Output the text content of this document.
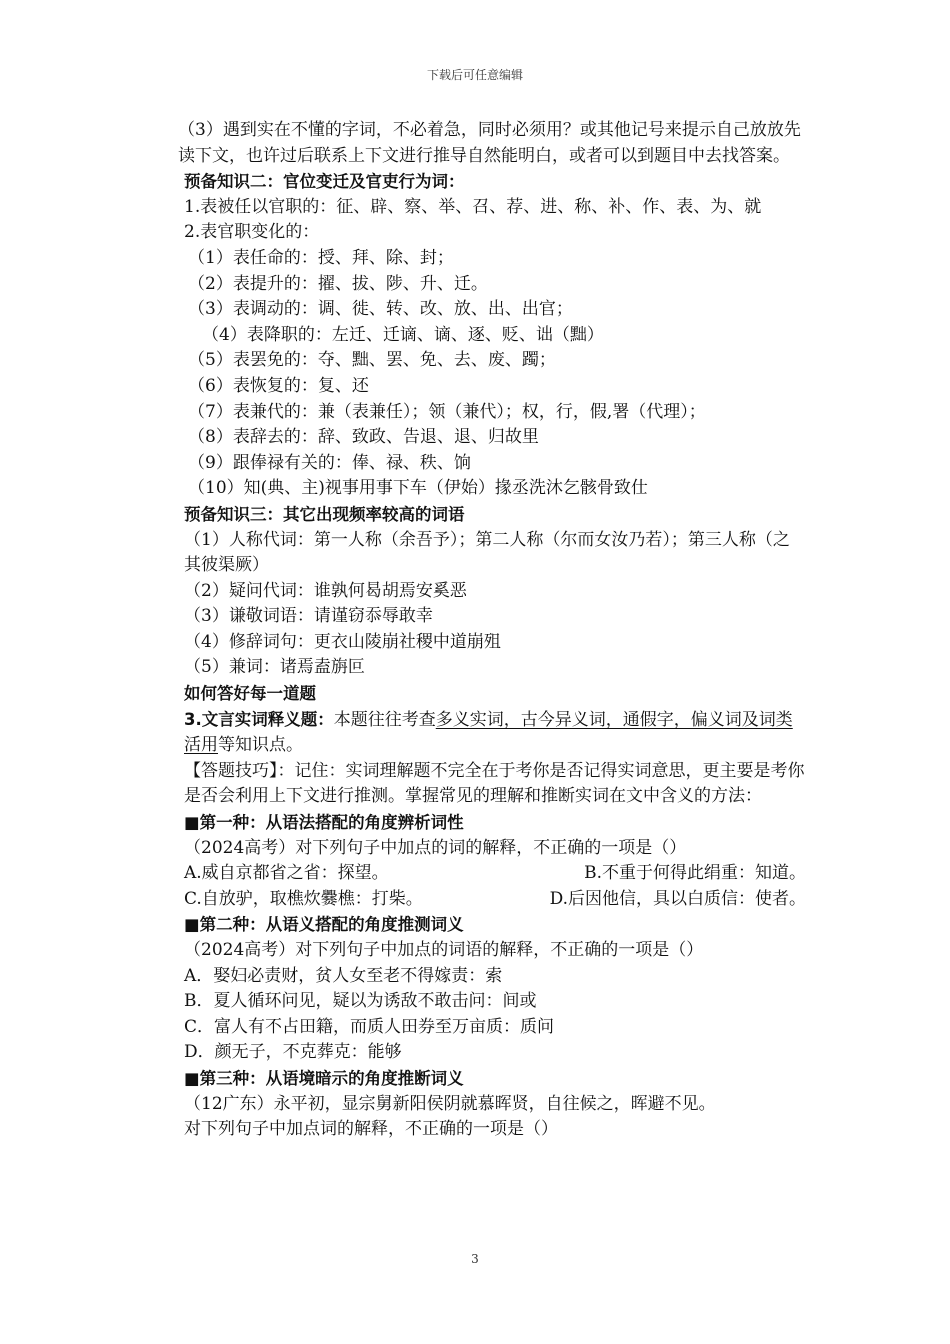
下载后可任意编辑

（3）遇到实在不懂的字词，不必着急，同时必须用？或其他记号来提示自己放放先读下文，也许过后联系上下文进行推导自然能明白，或者可以到题目中去找答案。

预备知识二：官位变迁及官吏行为词：

1.表被任以官职的：征、辟、察、举、召、荐、进、称、补、作、表、为、就

2.表官职变化的：

（1）表任命的：授、拜、除、封；

（2）表提升的：擢、拔、陟、升、迁。

（3）表调动的：调、徙、转、改、放、出、出官；

（4）表降职的：左迁、迁谪、谪、逐、贬、诎（黜）

（5）表罢免的：夺、黜、罢、免、去、废、躅；

（6）表恢复的：复、还

（7）表兼代的：兼（表兼任）；领（兼代）；权，行，假,署（代理）；

（8）表辞去的：辞、致政、告退、退、归故里

（9）跟俸禄有关的：俸、禄、秩、饷

（10）知(典、主)视事用事下车（伊始）掾丞洗沐乞骸骨致仕

预备知识三：其它出现频率较高的词语

（1）人称代词：第一人称（余吾予）；第二人称（尔而女汝乃若）；第三人称（之其彼渠厥）

（2）疑问代词：谁孰何曷胡焉安奚恶

（3）谦敬词语：请谨窃忝辱敢幸

（4）修辞词句：更衣山陵崩社稷中道崩殂

（5）兼词：诸焉盍旃叵

如何答好每一道题

3.文言实词释义题：本题往往考查多义实词，古今异义词，通假字，偏义词及词类活用等知识点。

【答题技巧】：记住：实词理解题不完全在于考你是否记得实词意思，更主要是考你是否会利用上下文进行推测。掌握常见的理解和推断实词在文中含义的方法：

■第一种：从语法搭配的角度辨析词性

（2024高考）对下列句子中加点的词的解释，不正确的一项是（）

A.威自京都省之省：探望。	B.不重于何得此绢重：知道。
C.自放驴，取樵炊爨樵：打柴。	D.后因他信，具以白质信：使者。

■第二种：从语义搭配的角度推测词义

（2024高考）对下列句子中加点的词语的解释，不正确的一项是（）

A．娶妇必责财，贫人女至老不得嫁责：索

B．夏人循环问见，疑以为诱敌不敢击问：间或

C．富人有不占田籍，而质人田券至万亩质：质问

D．颜无子，不克葬克：能够

■第三种：从语境暗示的角度推断词义

（12广东）永平初，显宗舅新阳侯阴就慕晖贤，自往候之，晖避不见。

对下列句子中加点词的解释，不正确的一项是（）

3
